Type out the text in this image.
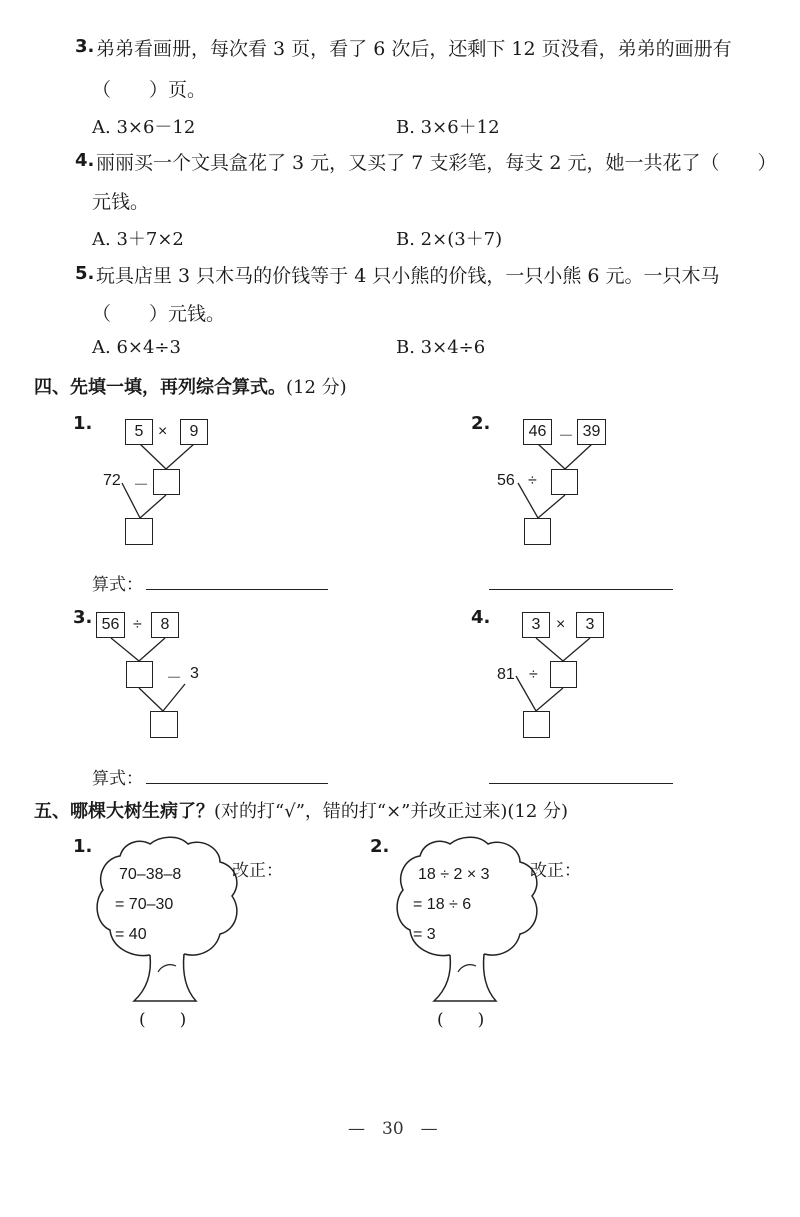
3. 弟弟看画册，每次看 3 页，看了 6 次后，还剩下 12 页没看，弟弟的画册有
（　　）页。
A. 3×6－12	B. 3×6＋12
4. 丽丽买一个文具盒花了 3 元，又买了 7 支彩笔，每支 2 元，她一共花了（　　）
元钱。
A. 3＋7×2	B. 2×(3＋7)
5. 玩具店里 3 只木马的价钱等于 4 只小熊的价钱，一只小熊 6 元。一只木马
（　　）元钱。
A. 6×4÷3	B. 3×4÷6
四、先填一填，再列综合算式。(12 分)
1.	5 ×	9
72 －
算式：
2.	46 － 39
56 ÷
3. 56 ÷	8
－ 3
算式：
4.	3 ×	3
81 ÷
五、哪棵大树生病了？(对的打“√”，错的打“×”并改正过来)(12 分)
1.
70–38–8
= 70–30
= 40
改正：
(　　)
2.
18 ÷ 2 × 3
= 18 ÷ 6
= 3
改正：
(　　)
—　30　—
